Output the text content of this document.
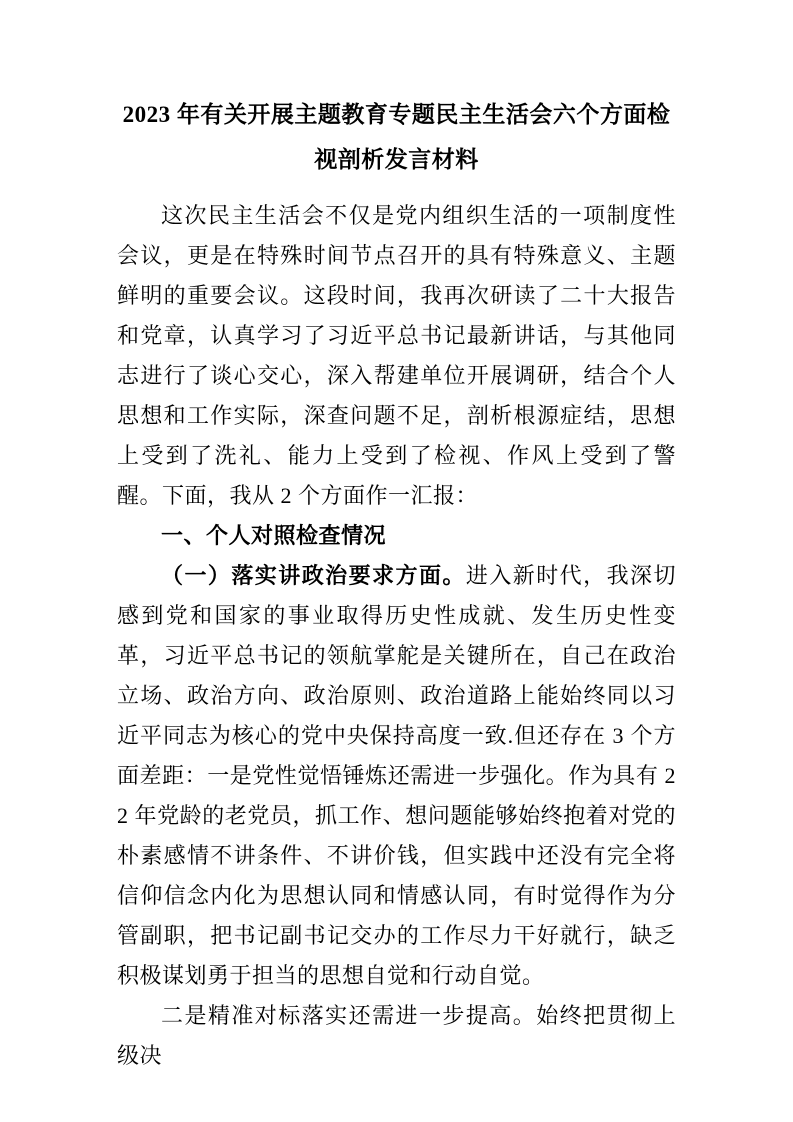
2023 年有关开展主题教育专题民主生活会六个方面检视剖析发言材料

这次民主生活会不仅是党内组织生活的一项制度性会议，更是在特殊时间节点召开的具有特殊意义、主题鲜明的重要会议。这段时间，我再次研读了二十大报告和党章，认真学习了习近平总书记最新讲话，与其他同志进行了谈心交心，深入帮建单位开展调研，结合个人思想和工作实际，深查问题不足，剖析根源症结，思想上受到了洗礼、能力上受到了检视、作风上受到了警醒。下面，我从 2 个方面作一汇报：

一、个人对照检查情况

（一）落实讲政治要求方面。进入新时代，我深切感到党和国家的事业取得历史性成就、发生历史性变革，习近平总书记的领航掌舵是关键所在，自己在政治立场、政治方向、政治原则、政治道路上能始终同以习近平同志为核心的党中央保持高度一致.但还存在 3 个方面差距：一是党性觉悟锤炼还需进一步强化。作为具有 22 年党龄的老党员，抓工作、想问题能够始终抱着对党的朴素感情不讲条件、不讲价钱，但实践中还没有完全将信仰信念内化为思想认同和情感认同，有时觉得作为分管副职，把书记副书记交办的工作尽力干好就行，缺乏积极谋划勇于担当的思想自觉和行动自觉。

二是精准对标落实还需进一步提高。始终把贯彻上级决
